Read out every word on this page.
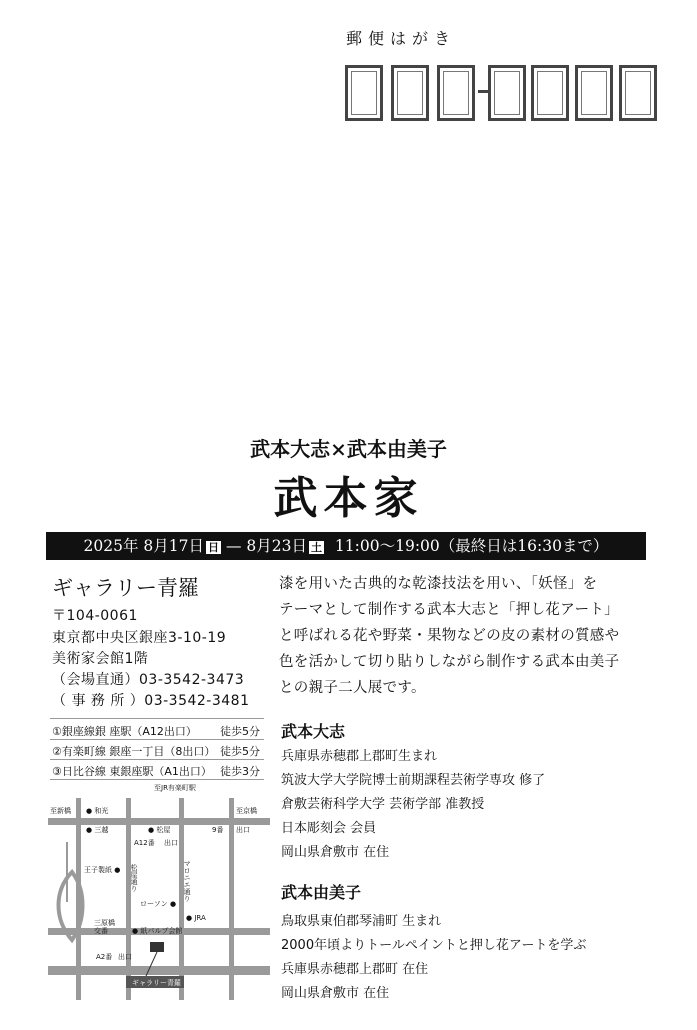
郵便はがき
武本大志×武本由美子
武本家
2025年 8月17日 日 — 8月23日 土 11:00〜19:00（最終日は16:30まで）
ギャラリー青羅
〒104-0061
東京都中央区銀座3-10-19
美術家会館1階
（会場直通）03-3542-3473
（ 事 務 所 ）03-3542-3481
①銀座線銀 座駅（A12出口） 徒歩5分
②有楽町線 銀座一丁目（8出口） 徒歩5分
③日比谷線 東銀座駅（A1出口） 徒歩3分
ギャラリー青羅
至JR有楽町駅
至新橋	至京橋
● 和光
● 三越	● 松屋
A12番 出口
9番 出口
王子製紙 ● 松屋通り	マロニエ通り
ローソン ●
● JRA
三原橋
交番	● 紙パルプ会館
A2番 出口
漆を用いた古典的な乾漆技法を用い、「妖怪」を
テーマとして制作する武本大志と「押し花アート」
と呼ばれる花や野菜・果物などの皮の素材の質感や
色を活かして切り貼りしながら制作する武本由美子
との親子二人展です。
武本大志
兵庫県赤穂郡上郡町生まれ
筑波大学大学院博士前期課程芸術学専攻 修了
倉敷芸術科学大学 芸術学部 准教授
日本彫刻会 会員
岡山県倉敷市 在住
武本由美子
鳥取県東伯郡琴浦町 生まれ
2000年頃よりトールペイントと押し花アートを学ぶ
兵庫県赤穂郡上郡町 在住
岡山県倉敷市 在住
